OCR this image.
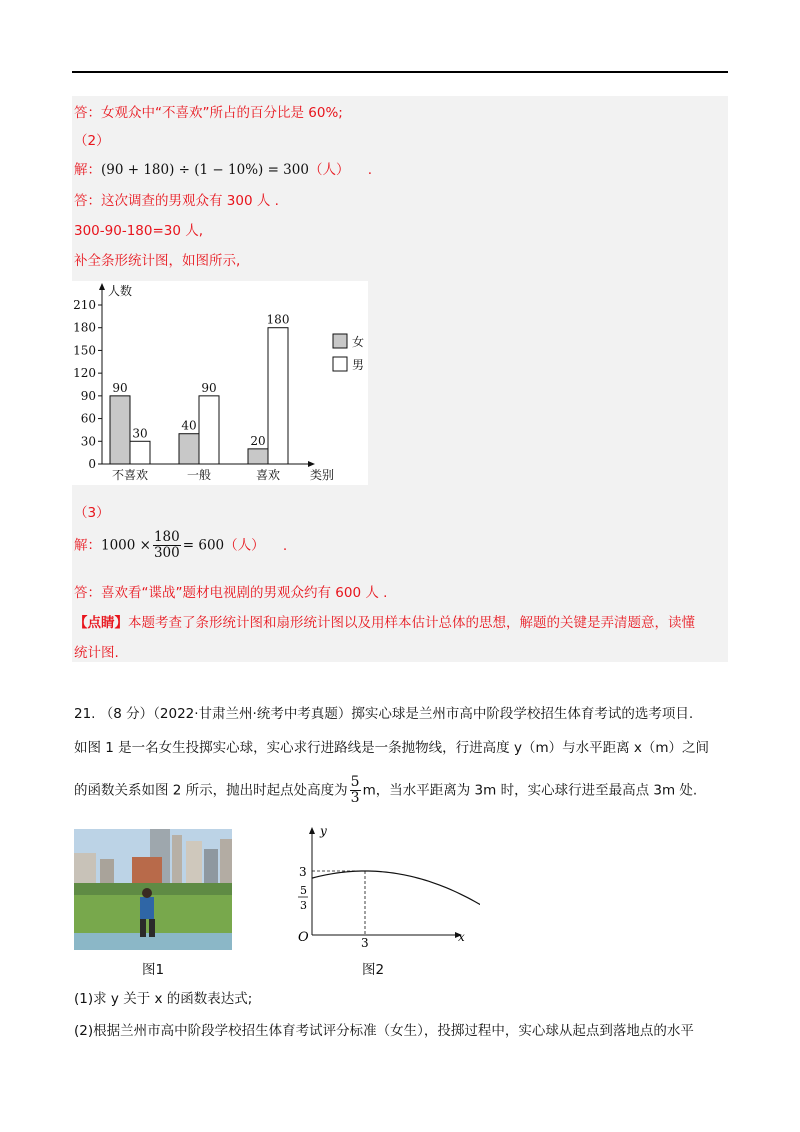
答：女观众中“不喜欢”所占的百分比是 60%;
（2）
解：(90 + 180) ÷ (1 − 10%) = 300（人） .
答：这次调查的男观众有 300 人 .
300-90-180=30 人,
补全条形统计图，如图所示,
0
30
60
90
120
150
180
210
90
30
不喜欢
40
90
一般
20
180
喜欢
人数
类别
女
男
（3）
解：$1000 \times \frac{180}{300} = 600$（人） .
答：喜欢看“谍战”题材电视剧的男观众约有 600 人 .
【点睛】本题考查了条形统计图和扇形统计图以及用样本估计总体的思想，解题的关键是弄清题意，读懂
统计图.
21. （8 分）（2022·甘肃兰州·统考中考真题）掷实心球是兰州市高中阶段学校招生体育考试的选考项目.
如图 1 是一名女生投掷实心球，实心求行进路线是一条抛物线，行进高度 y（m）与水平距离 x（m）之间
的函数关系如图 2 所示，抛出时起点处高度为 $\frac{5}{3}$ m，当水平距离为 3m 时，实心球行进至最高点 3m 处.
y
x
O
3
5
3
3
图1	图2
(1)求 y 关于 x 的函数表达式;
(2)根据兰州市高中阶段学校招生体育考试评分标准（女生），投掷过程中，实心球从起点到落地点的水平
